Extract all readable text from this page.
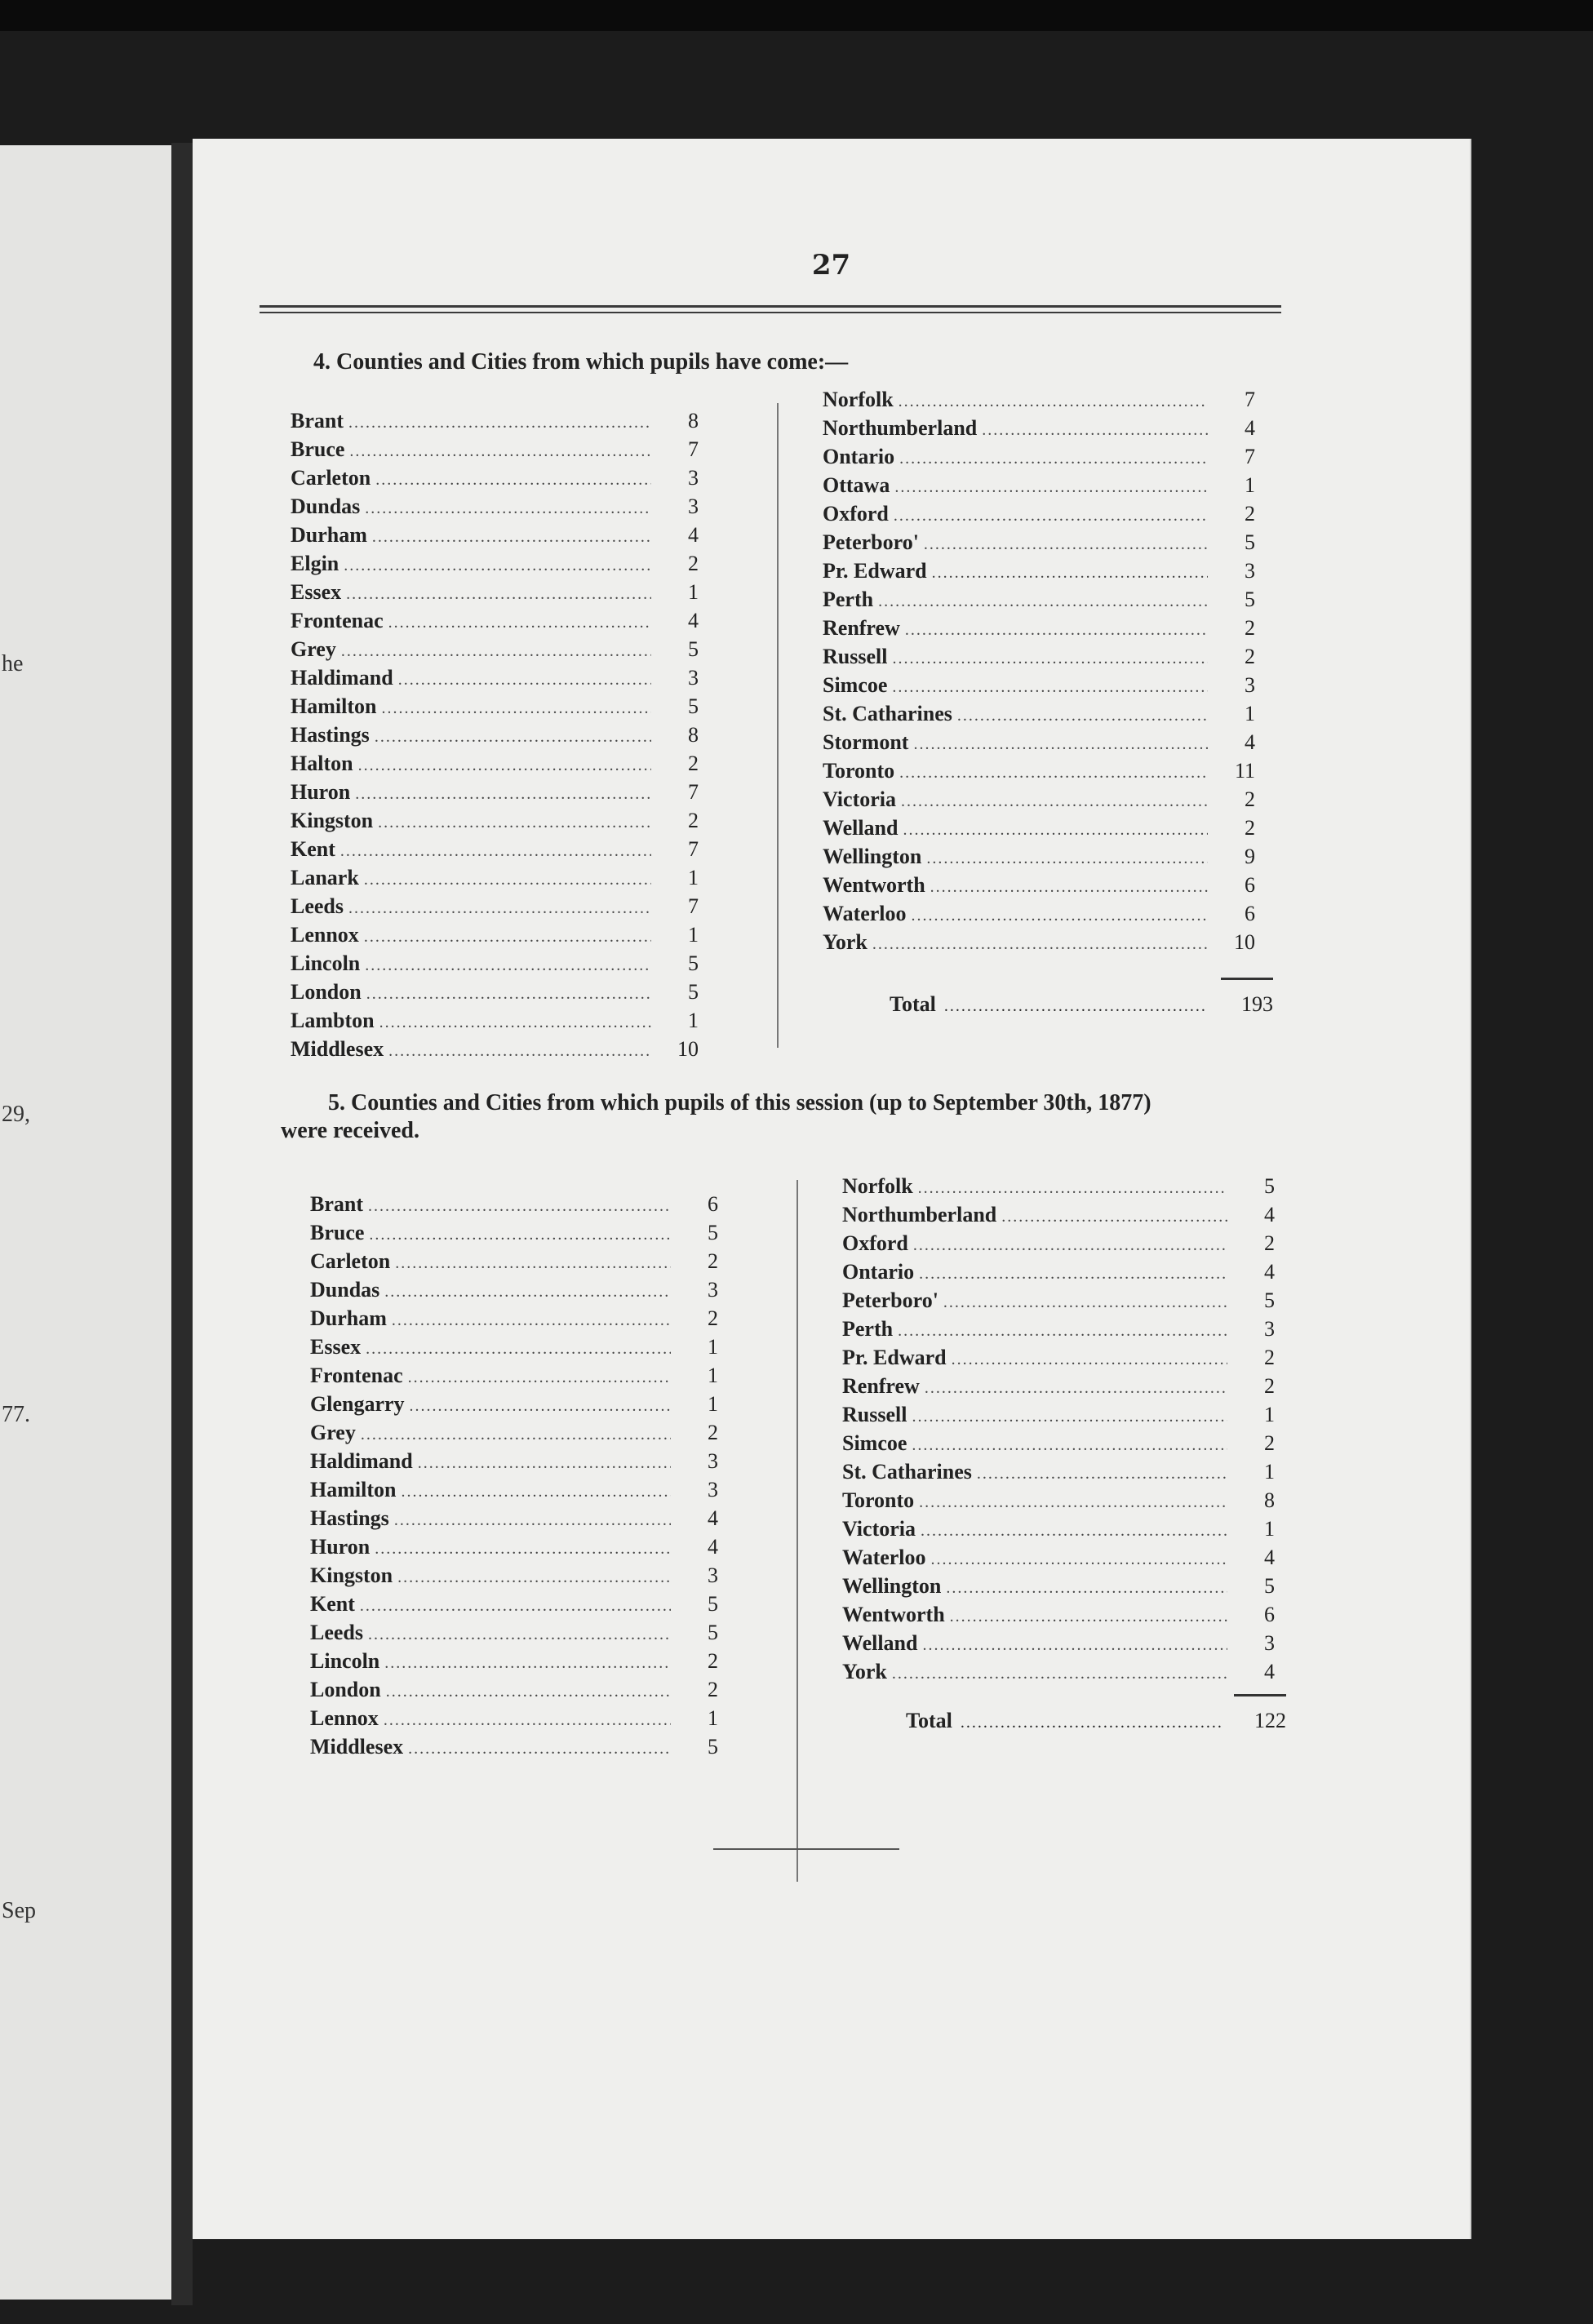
he
29,
77.
Sep
27
4. Counties and Cities from which pupils have come:—
Brant .....	8
Bruce .....	7
Carleton .....	3
Dundas .....	3
Durham .....	4
Elgin .....	2
Essex .....	1
Frontenac .....	4
Grey .....	5
Haldimand .....	3
Hamilton .....	5
Hastings .....	8
Halton .....	2
Huron .....	7
Kingston .....	2
Kent .....	7
Lanark .....	1
Leeds .....	7
Lennox .....	1
Lincoln .....	5
London .....	5
Lambton .....	1
Middlesex .....	10
Norfolk .....	7
Northumberland .....	4
Ontario .....	7
Ottawa .....	1
Oxford .....	2
Peterboro' .....	5
Pr. Edward .....	3
Perth .....	5
Renfrew .....	2
Russell .....	2
Simcoe .....	3
St. Catharines .....	1
Stormont .....	4
Toronto .....	11
Victoria .....	2
Welland .....	2
Wellington .....	9
Wentworth .....	6
Waterloo .....	6
York .....	10
Total .....	193
5. Counties and Cities from which pupils of this session (up to September 30th, 1877)
were received.
Brant .....	6
Bruce .....	5
Carleton .....	2
Dundas .....	3
Durham .....	2
Essex .....	1
Frontenac .....	1
Glengarry .....	1
Grey .....	2
Haldimand .....	3
Hamilton .....	3
Hastings .....	4
Huron .....	4
Kingston .....	3
Kent .....	5
Leeds .....	5
Lincoln .....	2
London .....	2
Lennox .....	1
Middlesex .....	5
Norfolk .....	5
Northumberland .....	4
Oxford .....	2
Ontario .....	4
Peterboro' .....	5
Perth .....	3
Pr. Edward .....	2
Renfrew .....	2
Russell .....	1
Simcoe .....	2
St. Catharines .....	1
Toronto .....	8
Victoria .....	1
Waterloo .....	4
Wellington .....	5
Wentworth .....	6
Welland .....	3
York .....	4
Total .....	122
